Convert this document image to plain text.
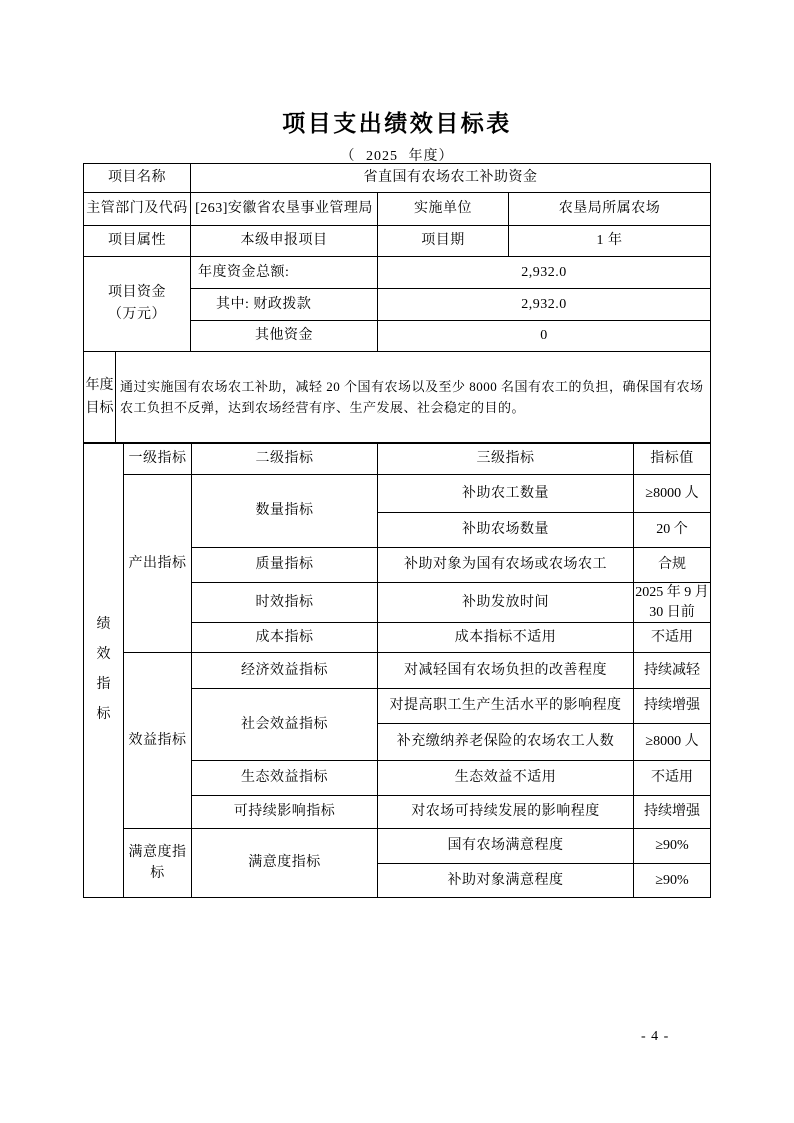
项目支出绩效目标表
（ 2025 年度）
项目名称	省直国有农场农工补助资金		
主管部门及代码	[263]安徽省农垦事业管理局	实施单位	农垦局所属农场
项目属性	本级申报项目	项目期	1 年

项目资金
（万元）	年度资金总额:	2,932.0	
	其中: 财政拨款	2,932.0	
	其他资金	0	
年度目标
	通过实施国有农场农工补助，减轻 20 个国有农场以及至少 8000 名国有农工的负担，确保国有农场农工负担不反弹，达到农场经营有序、生产发展、社会稳定的目的。
绩效指标	一级指标	二级指标	三级指标	指标值
	产出指标	数量指标	补助农工数量	≥8000 人
			补助农场数量	20 个
		质量指标	补助对象为国有农场或农场农工	合规
		时效指标	补助发放时间	2025 年 9 月 30 日前
		成本指标	成本指标不适用	不适用
	效益指标	经济效益指标	对减轻国有农场负担的改善程度	持续减轻
		社会效益指标	对提高职工生产生活水平的影响程度	持续增强
			补充缴纳养老保险的农场农工人数	≥8000 人
		生态效益指标	生态效益不适用	不适用
		可持续影响指标	对农场可持续发展的影响程度	持续增强
	满意度指标	满意度指标	国有农场满意程度	≥90%
			补助对象满意程度	≥90%
- 4 -
